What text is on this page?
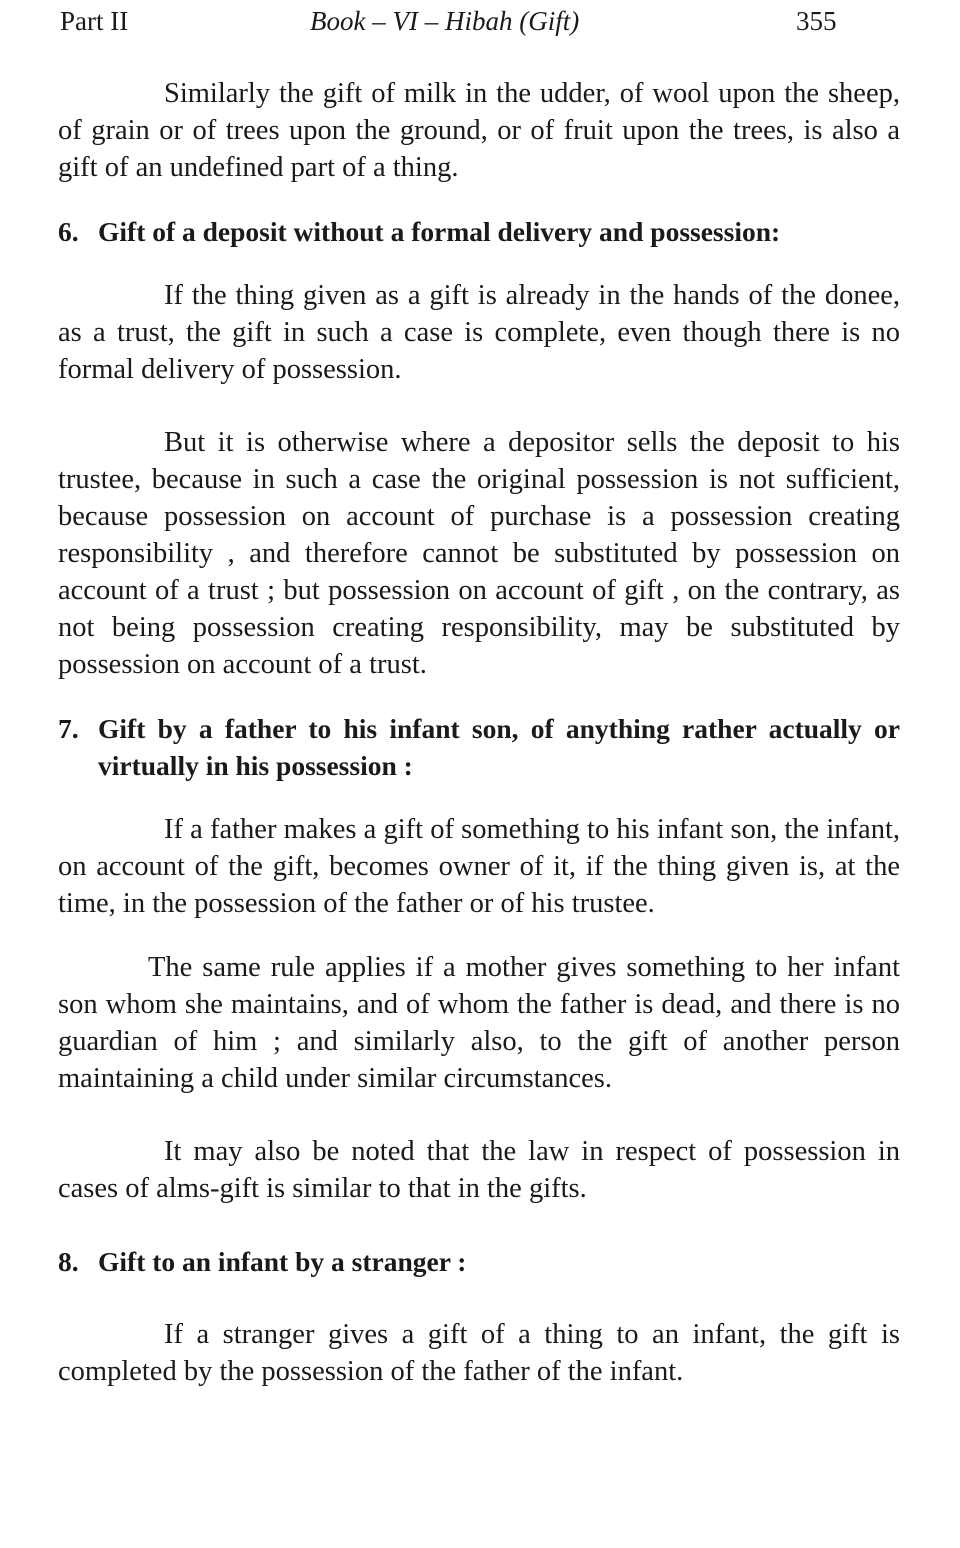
Part II	Book – VI – Hibah (Gift)	355

Similarly the gift of milk in the udder, of wool upon the sheep, of grain or of trees upon the ground, or of fruit upon the trees, is also a gift of an undefined part of a thing.

6. Gift of a deposit without a formal delivery and possession:

If the thing given as a gift is already in the hands of the donee, as a trust, the gift in such a case is complete, even though there is no formal delivery of possession.

But it is otherwise where a depositor sells the deposit to his trustee, because in such a case the original possession is not sufficient, because possession on account of purchase is a possession creating responsibility , and therefore cannot be substituted by possession on account of a trust ; but possession on account of gift , on the contrary, as not being possession creating responsibility, may be substituted by possession on account of a trust.

7. Gift by a father to his infant son, of anything rather actually or virtually in his possession :

If a father makes a gift of something to his infant son, the infant, on account of the gift, becomes owner of it, if the thing given is, at the time, in the possession of the father or of his trustee.

The same rule applies if a mother gives something to her infant son whom she maintains, and of whom the father is dead, and there is no guardian of him ; and similarly also, to the gift of another person maintaining a child under similar circumstances.

It may also be noted that the law in respect of possession in cases of alms-gift is similar to that in the gifts.

8. Gift to an infant by a stranger :

If a stranger gives a gift of a thing to an infant, the gift is completed by the possession of the father of the infant.
